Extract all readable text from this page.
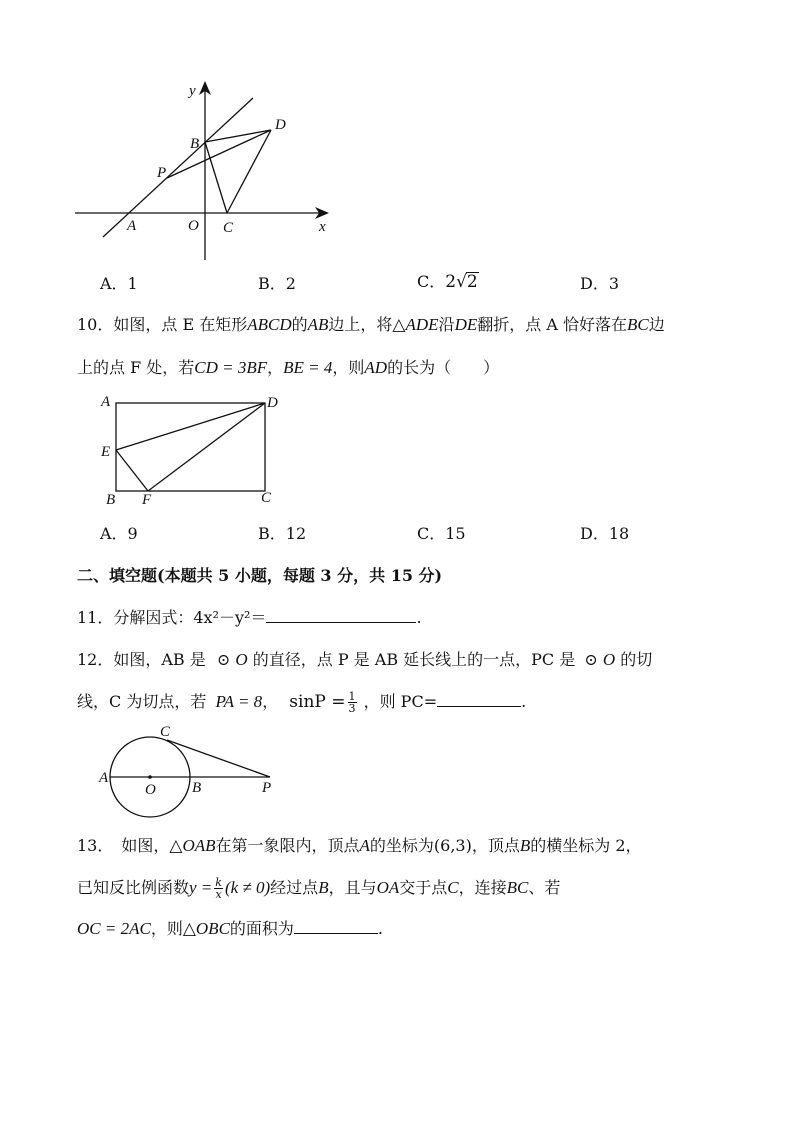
y
x
B
D
P
A	O C
A．1	B．2	C．2√2	D．3
10．如图，点 E 在矩形ABCD的AB边上，将△ADE沿DE翻折，点 A 恰好落在BC边
上的点 F 处，若CD = 3BF，BE = 4，则AD的长为（　　）
A	D
E
B F	C
A．9	B．12	C．15	D．18
二、填空题(本题共 5 小题，每题 3 分，共 15 分)
11．分解因式：4x²－y²＝	.
12．如图，AB 是 ⊙ O 的直径，点 P 是 AB 延长线上的一点，PC 是 ⊙ O 的切
线，C 为切点，若 PA = 8， $\sin P = \frac{1}{3}$ ，则 PC=	.
C
A
O B	P
13．　如图，△OAB在第一象限内，顶点A的坐标为(6,3)，顶点B的横坐标为 2，
已知反比例函数$y = \frac{k}{x} (k \ne 0)$经过点B，且与OA交于点C，连接BC、若
OC = 2AC，则△OBC的面积为	.
